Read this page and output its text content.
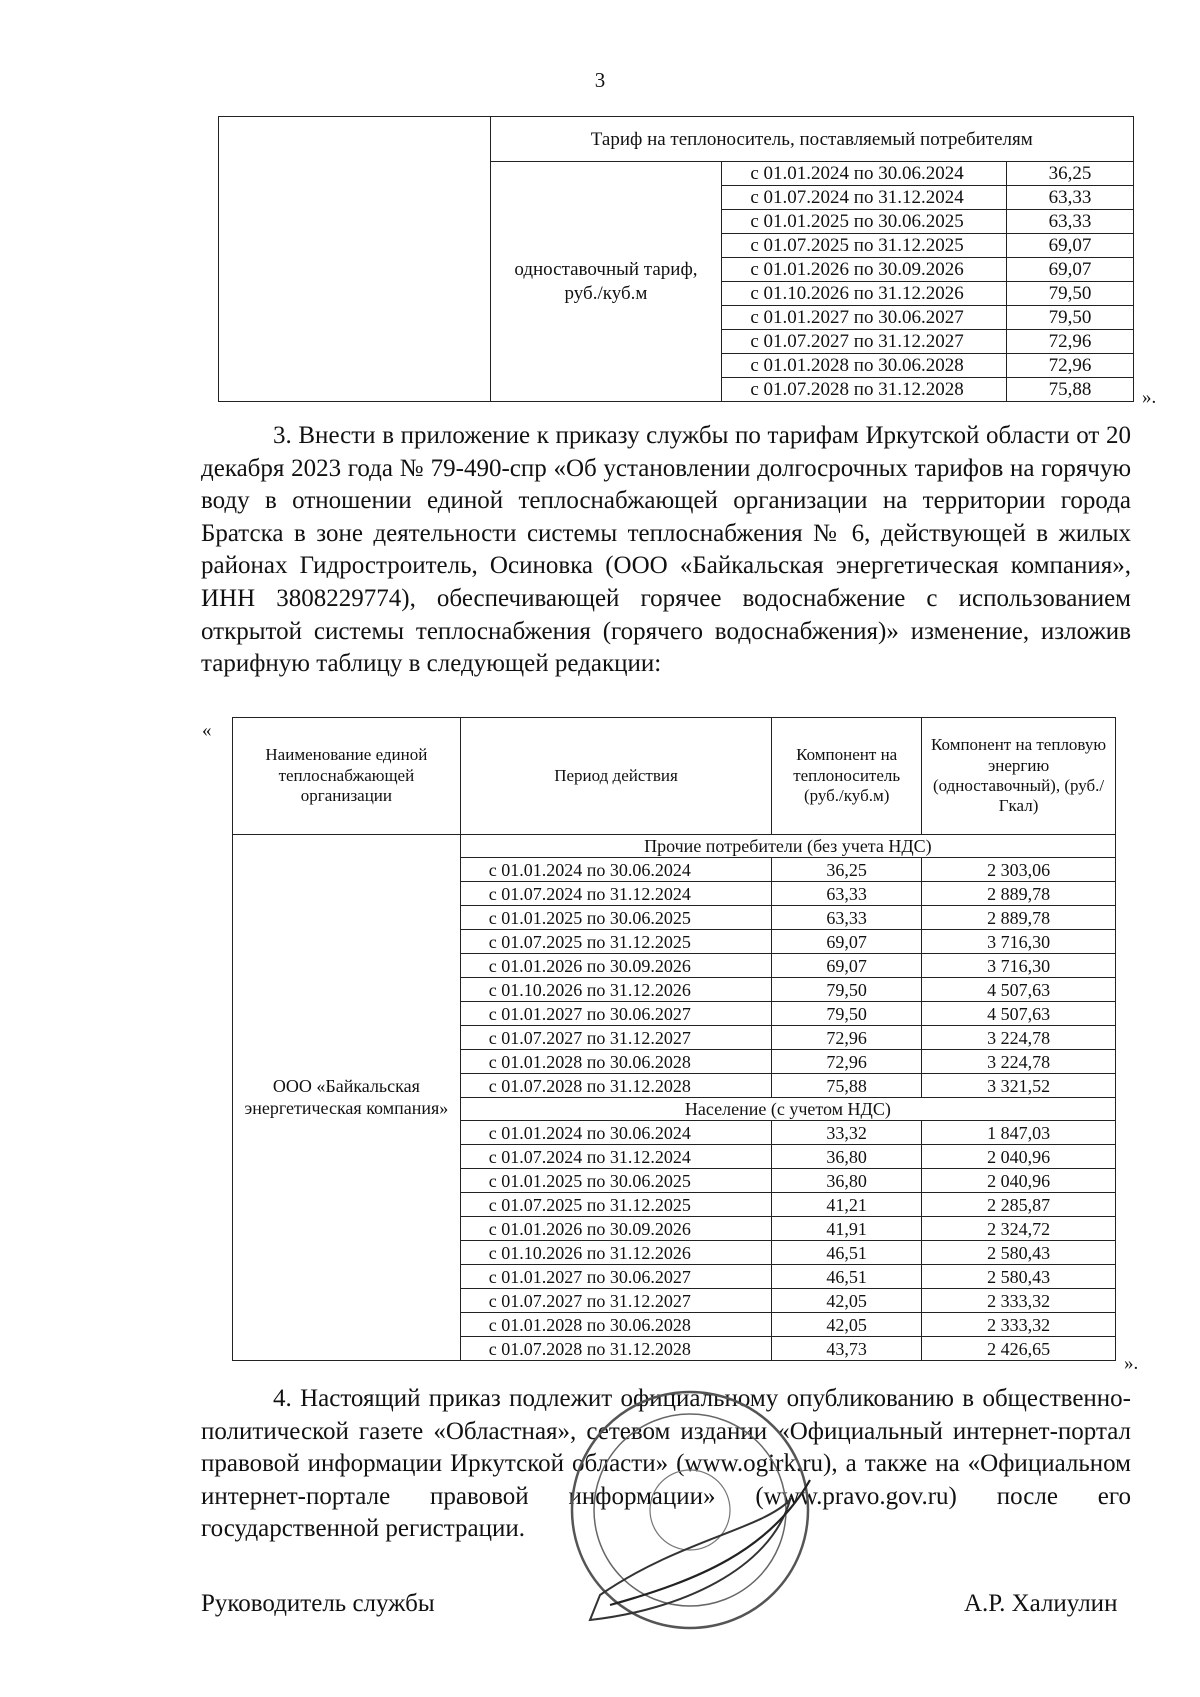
3
	Тариф на теплоноситель, поставляемый потребителям		
	одноставочный тариф, руб./куб.м	с 01.01.2024 по 30.06.2024	36,25
		с 01.07.2024 по 31.12.2024	63,33
		с 01.01.2025 по 30.06.2025	63,33
		с 01.07.2025 по 31.12.2025	69,07
		с 01.01.2026 по 30.09.2026	69,07
		с 01.10.2026 по 31.12.2026	79,50
		с 01.01.2027 по 30.06.2027	79,50
		с 01.07.2027 по 31.12.2027	72,96
		с 01.01.2028 по 30.06.2028	72,96
		с 01.07.2028 по 31.12.2028	75,88	».

3. Внести в приложение к приказу службы по тарифам Иркутской области от 20 декабря 2023 года № 79-490-спр «Об установлении долгосрочных тарифов на горячую воду в отношении единой теплоснабжающей организации на территории города Братска в зоне деятельности системы теплоснабжения № 6, действующей в жилых районах Гидростроитель, Осиновка (ООО «Байкальская энергетическая компания», ИНН 3808229774), обеспечивающей горячее водоснабжение с использованием открытой системы теплоснабжения (горячего водоснабжения)» изменение, изложив тарифную таблицу в следующей редакции:

«
Наименование единой теплоснабжающей организации	Период действия	Компонент на теплоноситель (руб./куб.м)	Компонент на тепловую энергию (одноставочный), (руб./Гкал)
ООО «Байкальская энергетическая компания»	Прочие потребители (без учета НДС)		
	с 01.01.2024 по 30.06.2024	36,25	2 303,06
	с 01.07.2024 по 31.12.2024	63,33	2 889,78
	с 01.01.2025 по 30.06.2025	63,33	2 889,78
	с 01.07.2025 по 31.12.2025	69,07	3 716,30
	с 01.01.2026 по 30.09.2026	69,07	3 716,30
	с 01.10.2026 по 31.12.2026	79,50	4 507,63
	с 01.01.2027 по 30.06.2027	79,50	4 507,63
	с 01.07.2027 по 31.12.2027	72,96	3 224,78
	с 01.01.2028 по 30.06.2028	72,96	3 224,78
	с 01.07.2028 по 31.12.2028	75,88	3 321,52
	Население (с учетом НДС)		
	с 01.01.2024 по 30.06.2024	33,32	1 847,03
	с 01.07.2024 по 31.12.2024	36,80	2 040,96
	с 01.01.2025 по 30.06.2025	36,80	2 040,96
	с 01.07.2025 по 31.12.2025	41,21	2 285,87
	с 01.01.2026 по 30.09.2026	41,91	2 324,72
	с 01.10.2026 по 31.12.2026	46,51	2 580,43
	с 01.01.2027 по 30.06.2027	46,51	2 580,43
	с 01.07.2027 по 31.12.2027	42,05	2 333,32
	с 01.01.2028 по 30.06.2028	42,05	2 333,32
	с 01.07.2028 по 31.12.2028	43,73	2 426,65
».

4. Настоящий приказ подлежит официальному опубликованию в общественно-политической газете «Областная», сетевом издании «Официальный интернет-портал правовой информации Иркутской области» (www.ogirk.ru), а также на «Официальном интернет-портале правовой информации» (www.pravo.gov.ru) после его государственной регистрации.

Руководитель службы	А.Р. Халиулин
